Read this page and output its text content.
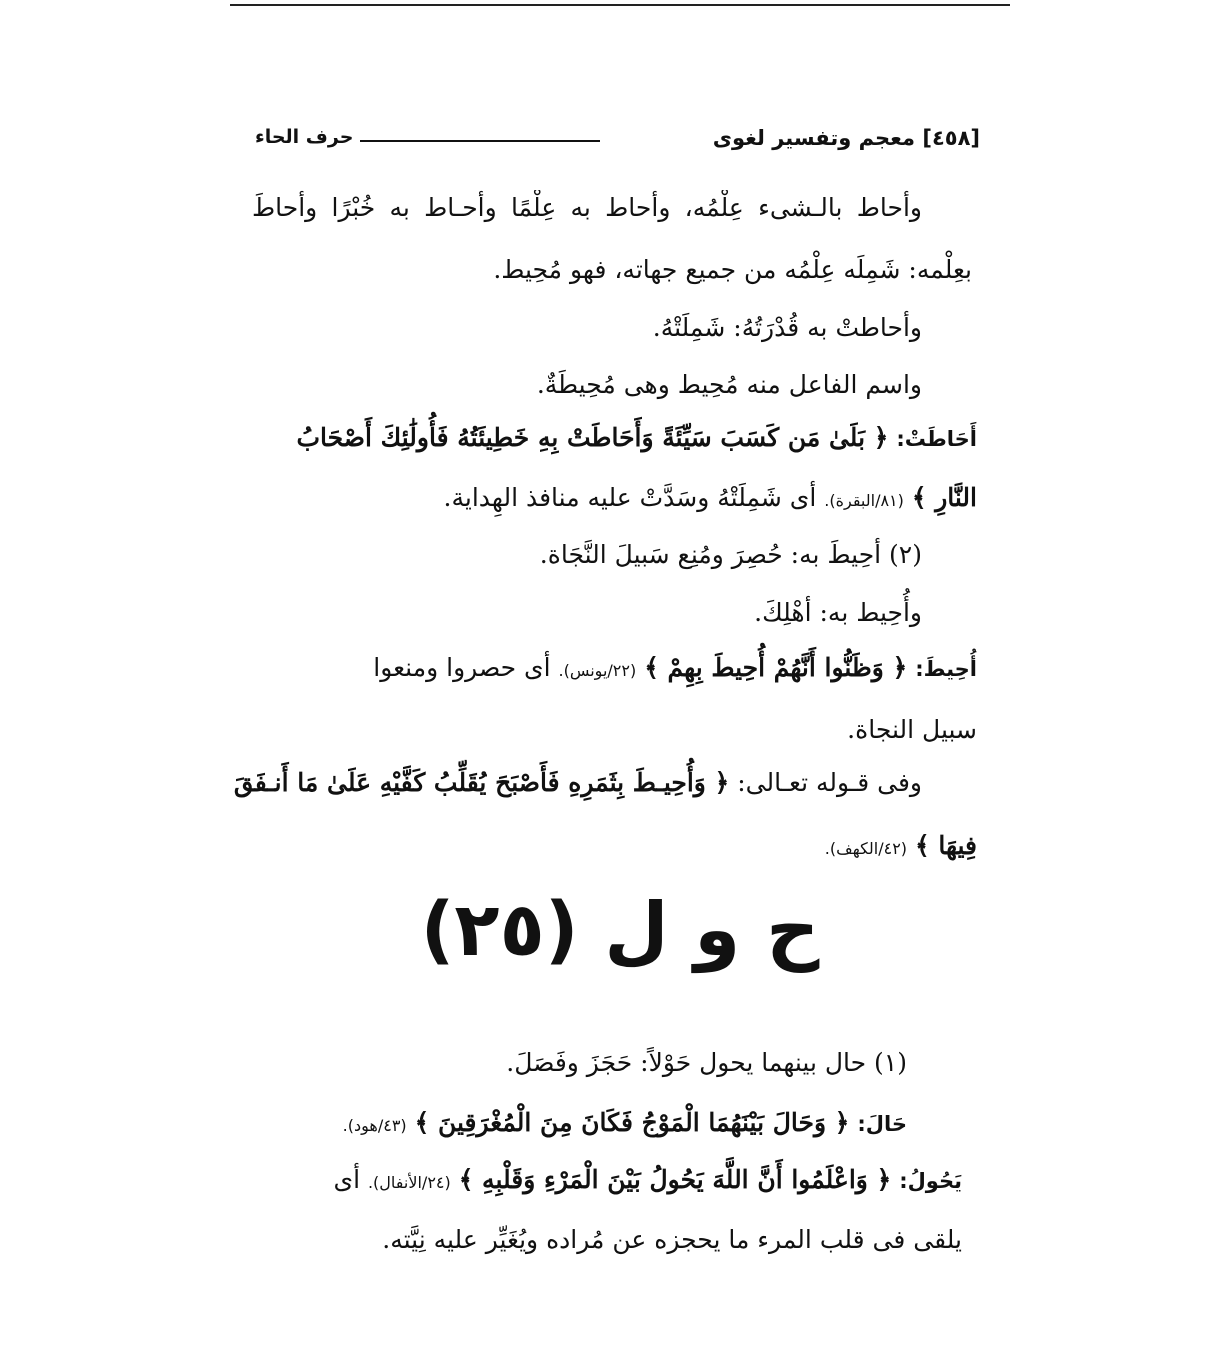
[٤٥٨] معجم وتفسير لغوى
حرف الحاء
وأحاط بالـشىء عِلْمُه، وأحاط به عِلْمًا وأحـاط به خُبْرًا وأحاطَ
بعِلْمه: شَمِلَه عِلْمُه من جميع جهاته، فهو مُحِيط.
وأحاطتْ به قُدْرَتُهُ: شَمِلَتْهُ.
واسم الفاعل منه مُحِيط وهى مُحِيطَةٌ.
أَحَاطَتْ: ﴿ بَلَىٰ مَن كَسَبَ سَيِّئَةً وَأَحَاطَتْ بِهِ خَطِيئَتُهُ فَأُولَٰئِكَ أَصْحَابُ
النَّارِ ﴾ (٨١/البقرة). أى شَمِلَتْهُ وسَدَّتْ عليه منافذ الهِداية.
(٢) أحِيطَ به: حُصِرَ ومُنِع سَبيلَ النَّجَاة.
وأُحِيط به: أهْلِكَ.
أُحِيطَ: ﴿ وَظَنُّوا أَنَّهُمْ أُحِيطَ بِهِمْ ﴾ (٢٢/يونس). أى حصروا ومنعوا
سبيل النجاة.
وفى قـوله تعـالى: ﴿ وَأُحِيـطَ بِثَمَرِهِ فَأَصْبَحَ يُقَلِّبُ كَفَّيْهِ عَلَىٰ مَا أَنـفَقَ
فِيهَا ﴾ (٤٢/الكهف).
ح و ل (٢٥)
(١) حال بينهما يحول حَوْلاً: حَجَزَ وفَصَلَ.
حَالَ: ﴿ وَحَالَ بَيْنَهُمَا الْمَوْجُ فَكَانَ مِنَ الْمُغْرَقِينَ ﴾ (٤٣/هود).
يَحُولُ: ﴿ وَاعْلَمُوا أَنَّ اللَّهَ يَحُولُ بَيْنَ الْمَرْءِ وَقَلْبِهِ ﴾ (٢٤/الأنفال). أى
يلقى فى قلب المرء ما يحجزه عن مُراده ويُغَيِّر عليه نِيَّته.
